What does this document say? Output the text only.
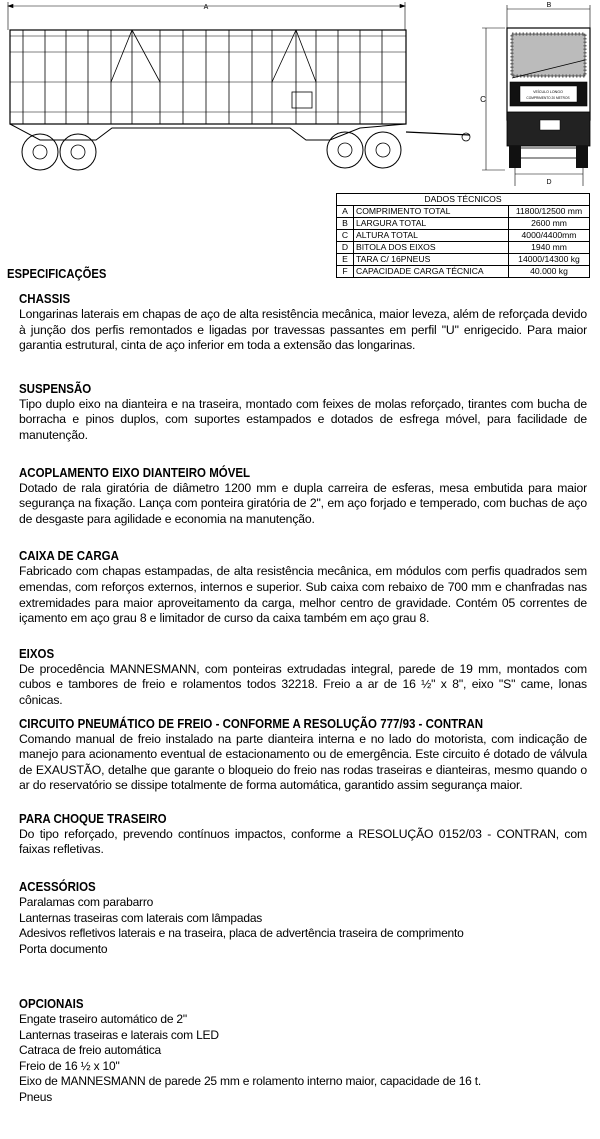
A	B
C
VEÍCULO LONGO
COMPRIMENTO 20 METROS
D
DADOS TÉCNICOS		
A	COMPRIMENTO TOTAL	11800/12500 mm
B	LARGURA TOTAL	2600 mm
C	ALTURA TOTAL	4000/4400mm
D	BITOLA DOS EIXOS	1940 mm
E	TARA C/ 16PNEUS	14000/14300 kg
F	CAPACIDADE CARGA TÉCNICA	40.000 kg
ESPECIFICAÇÕES
CHASSIS

Longarinas laterais em chapas de aço de alta resistência mecânica, maior leveza, além de reforçada devido à junção dos perfis remontados e ligadas por travessas passantes em perfil "U" enrigecido. Para maior garantia estrutural, cinta de aço inferior em toda a extensão das longarinas.

SUSPENSÃO

Tipo duplo eixo na dianteira e na traseira, montado com feixes de molas reforçado, tirantes com bucha de borracha e pinos duplos, com suportes estampados e dotados de esfrega móvel, para facilidade de manutenção.

ACOPLAMENTO EIXO DIANTEIRO MÓVEL

Dotado de rala giratória de diâmetro 1200 mm e dupla carreira de esferas, mesa embutida para maior segurança na fixação. Lança com ponteira giratória de 2", em aço forjado e temperado, com buchas de aço de desgaste para agilidade e economia na manutenção.

CAIXA DE CARGA

Fabricado com chapas estampadas, de alta resistência mecânica, em módulos com perfis quadrados sem emendas, com reforços externos, internos e superior. Sub caixa com rebaixo de 700 mm e chanfradas nas extremidades para maior aproveitamento da carga, melhor centro de gravidade. Contém 05 correntes de içamento em aço grau 8 e limitador de curso da caixa também em aço grau 8.

EIXOS

De procedência MANNESMANN, com ponteiras extrudadas integral, parede de 19 mm, montados com cubos e tambores de freio e rolamentos todos 32218. Freio a ar de 16 ½" x 8", eixo "S" came, lonas cônicas.

CIRCUITO PNEUMÁTICO DE FREIO - CONFORME A RESOLUÇÃO 777/93 - CONTRAN

Comando manual de freio instalado na parte dianteira interna e no lado do motorista, com indicação de manejo para acionamento eventual de estacionamento ou de emergência. Este circuito é dotado de válvula de EXAUSTÃO, detalhe que garante o bloqueio do freio nas rodas traseiras e dianteiras, mesmo quando o ar do reservatório se dissipe totalmente de forma automática, garantido assim segurança maior.

PARA CHOQUE TRASEIRO

Do tipo reforçado, prevendo contínuos impactos, conforme a RESOLUÇÃO 0152/03 - CONTRAN, com faixas refletivas.

ACESSÓRIOS
Paralamas com parabarro
Lanternas traseiras com laterais com lâmpadas
Adesivos refletivos laterais e na traseira, placa de advertência traseira de comprimento
Porta documento
OPCIONAIS
Engate traseiro automático de 2"
Lanternas traseiras e laterais com LED
Catraca de freio automática
Freio de 16 ½ x 10"
Eixo de MANNESMANN de parede 25 mm e rolamento interno maior, capacidade de 16 t.
Pneus
